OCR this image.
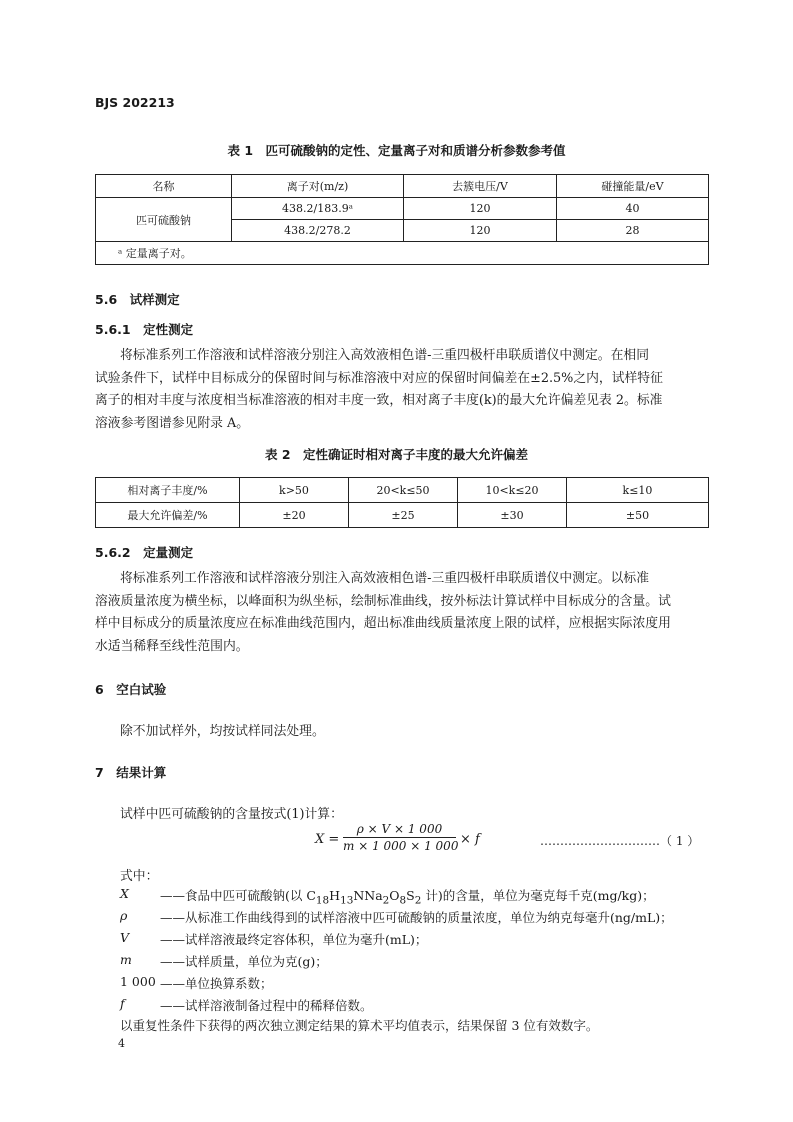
BJS 202213
表 1　匹可硫酸钠的定性、定量离子对和质谱分析参数参考值
名称	离子对(m/z)	去簇电压/V	碰撞能量/eV
匹可硫酸钠	438.2/183.9ᵃ	120	40
	438.2/278.2	120	28
ᵃ 定量离子对。			
5.6　试样测定
5.6.1　定性测定

将标准系列工作溶液和试样溶液分别注入高效液相色谱-三重四极杆串联质谱仪中测定。在相同

试验条件下，试样中目标成分的保留时间与标准溶液中对应的保留时间偏差在±2.5%之内，试样特征

离子的相对丰度与浓度相当标准溶液的相对丰度一致，相对离子丰度(k)的最大允许偏差见表 2。标准

溶液参考图谱参见附录 A。

表 2　定性确证时相对离子丰度的最大允许偏差
相对离子丰度/%	k>50	20<k≤50	10<k≤20	k≤10
最大允许偏差/%	±20	±25	±30	±50
5.6.2　定量测定

将标准系列工作溶液和试样溶液分别注入高效液相色谱-三重四极杆串联质谱仪中测定。以标准

溶液质量浓度为横坐标，以峰面积为纵坐标，绘制标准曲线，按外标法计算试样中目标成分的含量。试

样中目标成分的质量浓度应在标准曲线范围内，超出标准曲线质量浓度上限的试样，应根据实际浓度用

水适当稀释至线性范围内。

6　空白试验
除不加试样外，均按试样同法处理。
7　结果计算
试样中匹可硫酸钠的含量按式(1)计算：
$X = \frac{\rho \times V \times 1 000}{m \times 1 000 \times 1 000} \times f$	…………………………（ 1 ）
式中：
X ——食品中匹可硫酸钠(以 $C_{18}H_{13}NNa_2O_8S_2$ 计)的含量，单位为毫克每千克(mg/kg)；
ρ	——从标准工作曲线得到的试样溶液中匹可硫酸钠的质量浓度，单位为纳克每毫升(ng/mL)；
V ——试样溶液最终定容体积，单位为毫升(mL)；
m ——试样质量，单位为克(g)；
1 000 ——单位换算系数；
f	——试样溶液制备过程中的稀释倍数。
以重复性条件下获得的两次独立测定结果的算术平均值表示，结果保留 3 位有效数字。
4
